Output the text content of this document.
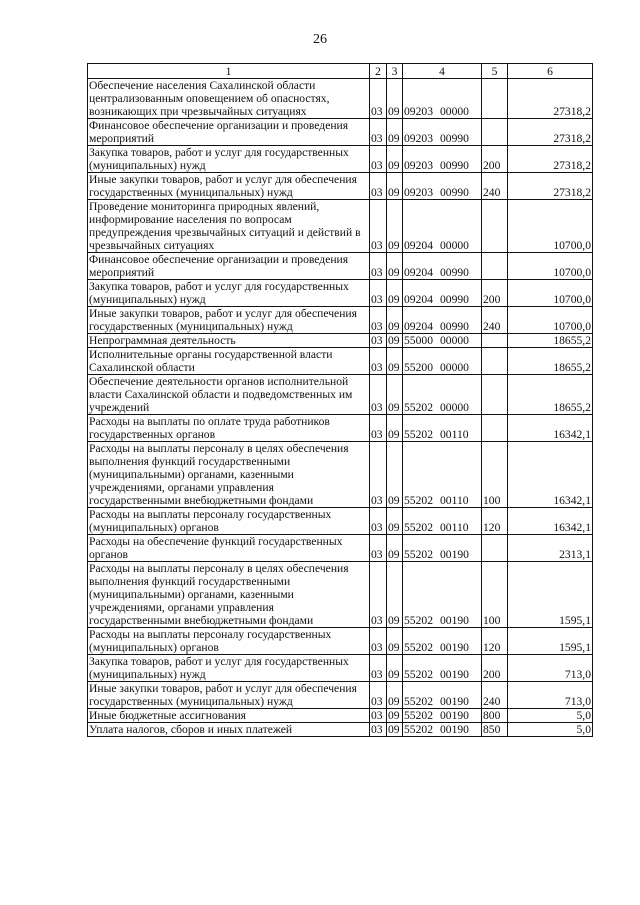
26
1	2	3	4	5	6
Обеспечение населения Сахалинской области централизованным оповещением об опасностях, возникающих при чрезвычайных ситуациях	03	09	09203 00000		27318,2
Финансовое обеспечение организации и проведения мероприятий	03	09	09203 00990		27318,2
Закупка товаров, работ и услуг для государственных (муниципальных) нужд	03	09	09203 00990	200	27318,2
Иные закупки товаров, работ и услуг для обеспечения государственных (муниципальных) нужд	03	09	09203 00990	240	27318,2
Проведение мониторинга природных явлений, информирование населения по вопросам предупреждения чрезвычайных ситуаций и действий в чрезвычайных ситуациях	03	09	09204 00000		10700,0
Финансовое обеспечение организации и проведения мероприятий	03	09	09204 00990		10700,0
Закупка товаров, работ и услуг для государственных (муниципальных) нужд	03	09	09204 00990	200	10700,0
Иные закупки товаров, работ и услуг для обеспечения государственных (муниципальных) нужд	03	09	09204 00990	240	10700,0
Непрограммная деятельность	03	09	55000 00000		18655,2
Исполнительные органы государственной власти Сахалинской области	03	09	55200 00000		18655,2
Обеспечение деятельности органов исполнительной власти Сахалинской области и подведомственных им учреждений	03	09	55202 00000		18655,2
Расходы на выплаты по оплате труда работников государственных органов	03	09	55202 00110		16342,1
Расходы на выплаты персоналу в целях обеспечения выполнения функций государственными (муниципальными) органами, казенными учреждениями, органами управления государственными внебюджетными фондами	03	09	55202 00110	100	16342,1
Расходы на выплаты персоналу государственных (муниципальных) органов	03	09	55202 00110	120	16342,1
Расходы на обеспечение функций государственных органов	03	09	55202 00190		2313,1
Расходы на выплаты персоналу в целях обеспечения выполнения функций государственными (муниципальными) органами, казенными учреждениями, органами управления государственными внебюджетными фондами	03	09	55202 00190	100	1595,1
Расходы на выплаты персоналу государственных (муниципальных) органов	03	09	55202 00190	120	1595,1
Закупка товаров, работ и услуг для государственных (муниципальных) нужд	03	09	55202 00190	200	713,0
Иные закупки товаров, работ и услуг для обеспечения государственных (муниципальных) нужд	03	09	55202 00190	240	713,0
Иные бюджетные ассигнования	03	09	55202 00190	800	5,0
Уплата налогов, сборов и иных платежей	03	09	55202 00190	850	5,0
